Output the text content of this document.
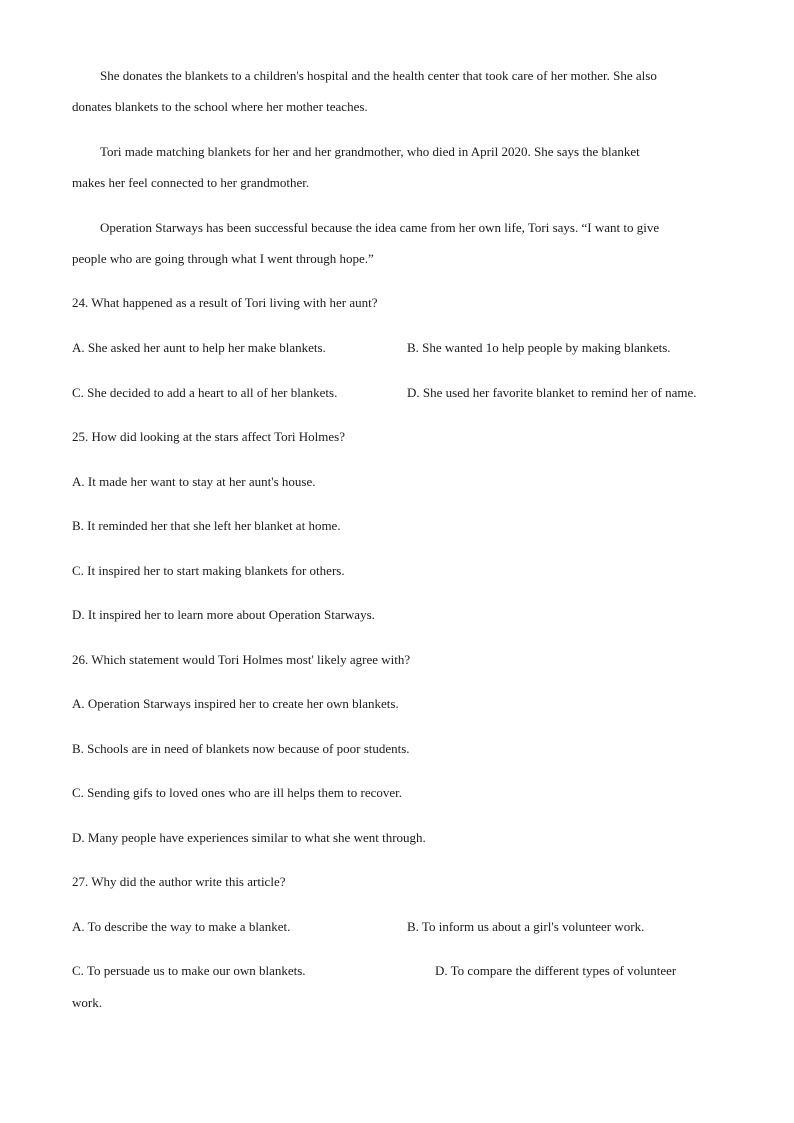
She donates the blankets to a children's hospital and the health center that took care of her mother. She also
donates blankets to the school where her mother teaches.
Tori made matching blankets for her and her grandmother, who died in April 2020. She says the blanket
makes her feel connected to her grandmother.
Operation Starways has been successful because the idea came from her own life, Tori says. “I want to give
people who are going through what I went through hope.”
24. What happened as a result of Tori living with her aunt?
A. She asked her aunt to help her make blankets.	B. She wanted 1o help people by making blankets.
C. She decided to add a heart to all of her blankets.	D. She used her favorite blanket to remind her of name.
25. How did looking at the stars affect Tori Holmes?
A. It made her want to stay at her aunt's house.
B. It reminded her that she left her blanket at home.
C. It inspired her to start making blankets for others.
D. It inspired her to learn more about Operation Starways.
26. Which statement would Tori Holmes most' likely agree with?
A. Operation Starways inspired her to create her own blankets.
B. Schools are in need of blankets now because of poor students.
C. Sending gifs to loved ones who are ill helps them to recover.
D. Many people have experiences similar to what she went through.
27. Why did the author write this article?
A. To describe the way to make a blanket.	B. To inform us about a girl's volunteer work.
C. To persuade us to make our own blankets.	D. To compare the different types of volunteer
work.
